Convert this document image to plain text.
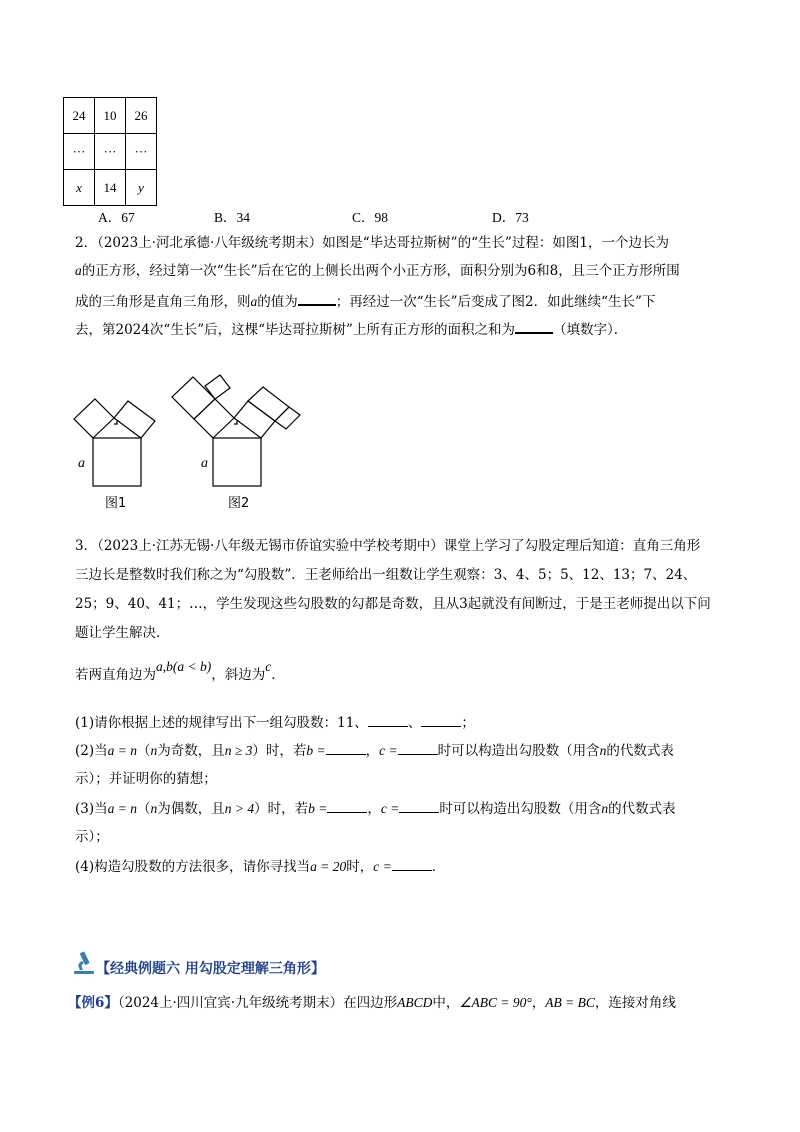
24	10	26
···	···	···
x	14	y
A．67	B．34	C．98	D．73
2．（2023上·河北承德·八年级统考期末）如图是“毕达哥拉斯树”的“生长”过程：如图1，一个边长为
a的正方形，经过第一次“生长”后在它的上侧长出两个小正方形，面积分别为6和8，且三个正方形所围
成的三角形是直角三角形，则a的值为	；再经过一次“生长”后变成了图2．如此继续“生长”下
去，第2024次“生长”后，这棵“毕达哥拉斯树”上所有正方形的面积之和为	（填数字）．
a
图1
a
图2
3．（2023上·江苏无锡·八年级无锡市侨谊实验中学校考期中）课堂上学习了勾股定理后知道：直角三角形
三边长是整数时我们称之为“勾股数”．王老师给出一组数让学生观察：3、4、5；5、12、13；7、24、
25；9、40、41；…，学生发现这些勾股数的勾都是奇数，且从3起就没有间断过，于是王老师提出以下问
题让学生解决．
若两直角边为a,b(a < b)，斜边为c．
(1)请你根据上述的规律写出下一组勾股数：11、	、	；
(2)当a = n（n为奇数，且n ≥ 3）时，若b =	，c =	时可以构造出勾股数（用含n的代数式表
示）；并证明你的猜想；
(3)当a = n（n为偶数，且n > 4）时，若b =	，c =	时可以构造出勾股数（用含n的代数式表
示）；
(4)构造勾股数的方法很多，请你寻找当a = 20时，c =	．
【经典例题六 用勾股定理解三角形】
【例6】（2024上·四川宜宾·九年级统考期末）在四边形ABCD中，∠ABC = 90°，AB = BC，连接对角线
